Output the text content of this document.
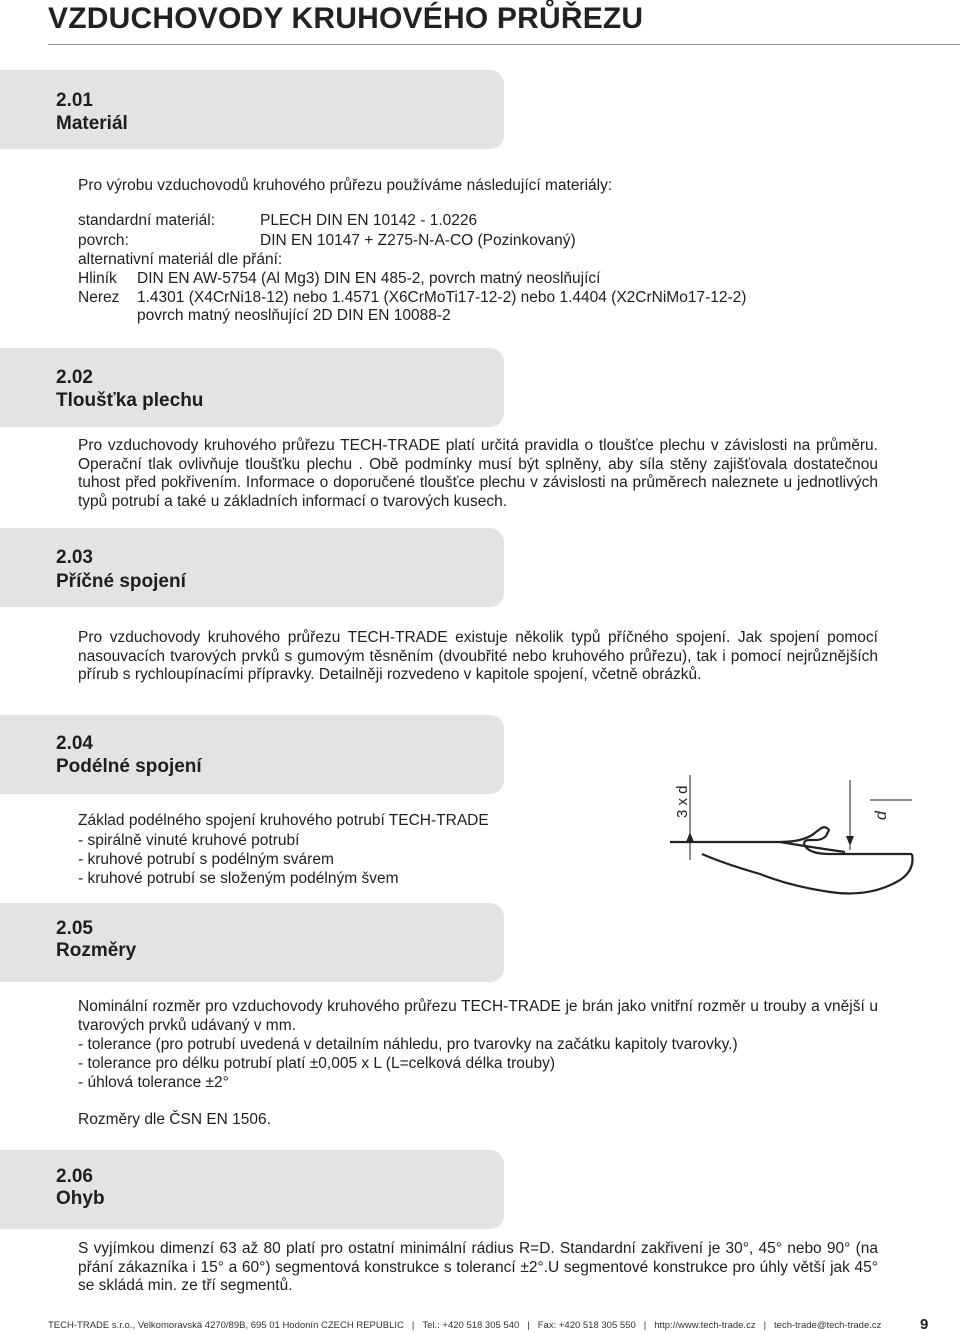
VZDUCHOVODY KRUHOVÉHO PRŮŘEZU
2.01
Materiál
Pro výrobu vzduchovodů kruhového průřezu používáme následující materiály:
standardní materiál:	PLECH DIN EN 10142 - 1.0226
povrch:	DIN EN 10147 + Z275-N-A-CO (Pozinkovaný)
alternativní materiál dle přání:
Hliník DIN EN AW-5754 (Al Mg3) DIN EN 485-2, povrch matný neoslňující
Nerez 1.4301 (X4CrNi18-12) nebo 1.4571 (X6CrMoTi17-12-2) nebo 1.4404 (X2CrNiMo17-12-2)
povrch matný neoslňující 2D DIN EN 10088-2
2.02
Tloušťka plechu
Pro vzduchovody kruhového průřezu TECH-TRADE platí určitá pravidla o tloušťce plechu v závislosti na průměru. Operační tlak ovlivňuje tloušťku plechu . Obě podmínky musí být splněny, aby síla stěny zajišťovala dostatečnou tuhost před pokřivením. Informace o doporučené tloušťce plechu v závislosti na průměrech naleznete u jednotlivých typů potrubí a také u základních informací o tvarových kusech.
2.03
Příčné spojení
Pro vzduchovody kruhového průřezu TECH-TRADE existuje několik typů příčného spojení. Jak spojení pomocí nasouvacích tvarových prvků s gumovým těsněním (dvoubřité nebo kruhového průřezu), tak i pomocí nejrůznějších přírub s rychloupínacími přípravky. Detailněji rozvedeno v kapitole spojení, včetně obrázků.
2.04
Podélné spojení
Základ podélného spojení kruhového potrubí TECH-TRADE
- spirálně vinuté kruhové potrubí
- kruhové potrubí s podélným svárem
- kruhové potrubí se složeným podélným švem
3 x d	d
2.05
Rozměry
Nominální rozměr pro vzduchovody kruhového průřezu TECH-TRADE je brán jako vnitřní rozměr u trouby a vnější u tvarových prvků udávaný v mm.
- tolerance (pro potrubí uvedená v detailním náhledu, pro tvarovky na začátku kapitoly tvarovky.)
- tolerance pro délku potrubí platí ±0,005 x L (L=celková délka trouby)
- úhlová tolerance ±2°
Rozměry dle ČSN EN 1506.
2.06
Ohyb
S vyjímkou dimenzí 63 až 80 platí pro ostatní minimální rádius R=D. Standardní zakřivení je 30°, 45° nebo 90° (na přání zákazníka i 15° a 60°) segmentová konstrukce s tolerancí ±2°.U segmentové konstrukce pro úhly větší jak 45° se skládá min. ze tří segmentů.
TECH-TRADE s.r.o., Velkomoravská 4270/89B, 695 01 Hodonín CZECH REPUBLIC | Tel.: +420 518 305 540 | Fax: +420 518 305 550 | http://www.tech-trade.cz | tech-trade@tech-trade.cz	9
